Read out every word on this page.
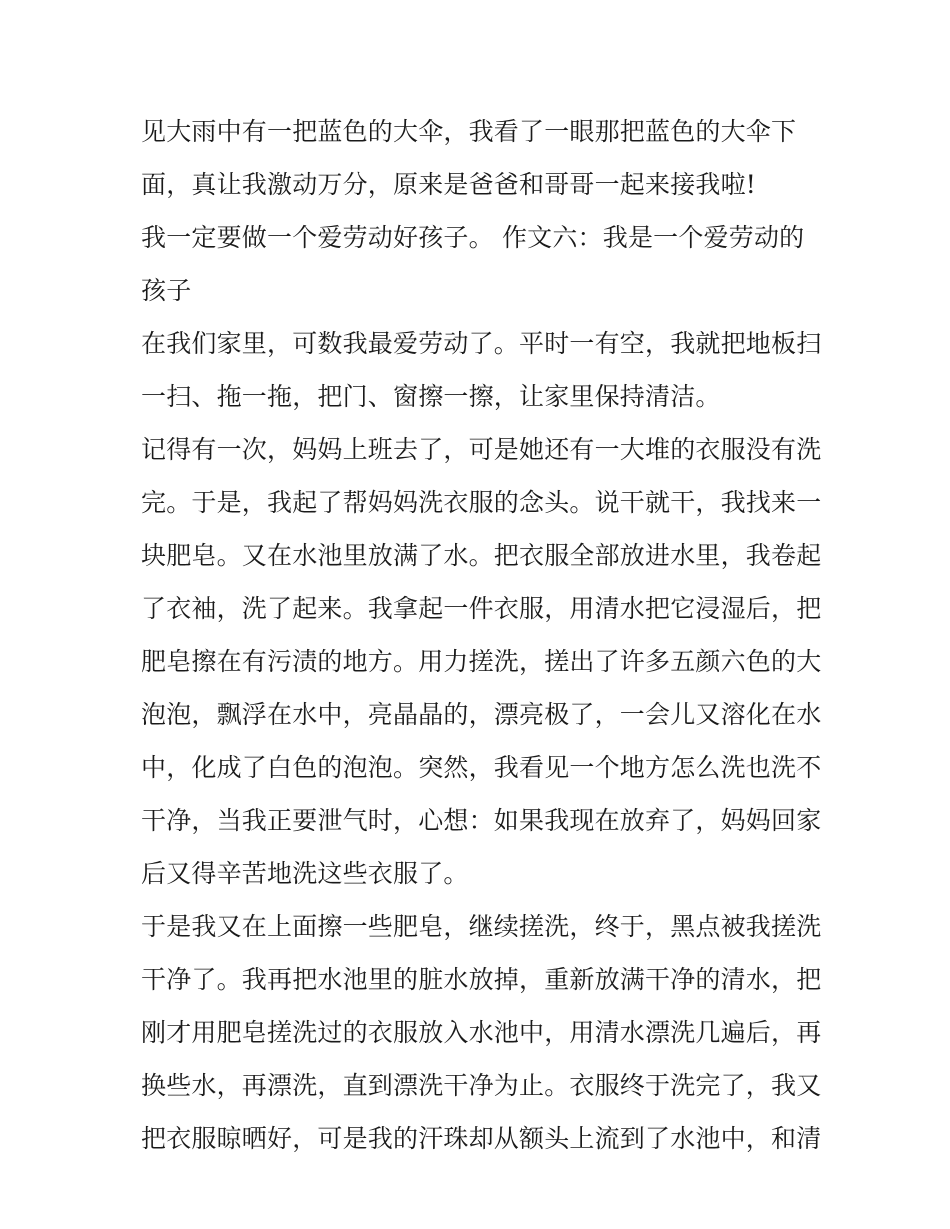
见大雨中有一把蓝色的大伞，我看了一眼那把蓝色的大伞下
面，真让我激动万分，原来是爸爸和哥哥一起来接我啦!
我一定要做一个爱劳动好孩子。 作文六：我是一个爱劳动的
孩子
在我们家里，可数我最爱劳动了。平时一有空，我就把地板扫
一扫、拖一拖，把门、窗擦一擦，让家里保持清洁。
记得有一次，妈妈上班去了，可是她还有一大堆的衣服没有洗
完。于是，我起了帮妈妈洗衣服的念头。说干就干，我找来一
块肥皂。又在水池里放满了水。把衣服全部放进水里，我卷起
了衣袖，洗了起来。我拿起一件衣服，用清水把它浸湿后，把
肥皂擦在有污渍的地方。用力搓洗，搓出了许多五颜六色的大
泡泡，飘浮在水中，亮晶晶的，漂亮极了，一会儿又溶化在水
中，化成了白色的泡泡。突然，我看见一个地方怎么洗也洗不
干净，当我正要泄气时，心想：如果我现在放弃了，妈妈回家
后又得辛苦地洗这些衣服了。
于是我又在上面擦一些肥皂，继续搓洗，终于，黑点被我搓洗
干净了。我再把水池里的脏水放掉，重新放满干净的清水，把
刚才用肥皂搓洗过的衣服放入水池中，用清水漂洗几遍后，再
换些水，再漂洗，直到漂洗干净为止。衣服终于洗完了，我又
把衣服晾晒好，可是我的汗珠却从额头上流到了水池中，和清
